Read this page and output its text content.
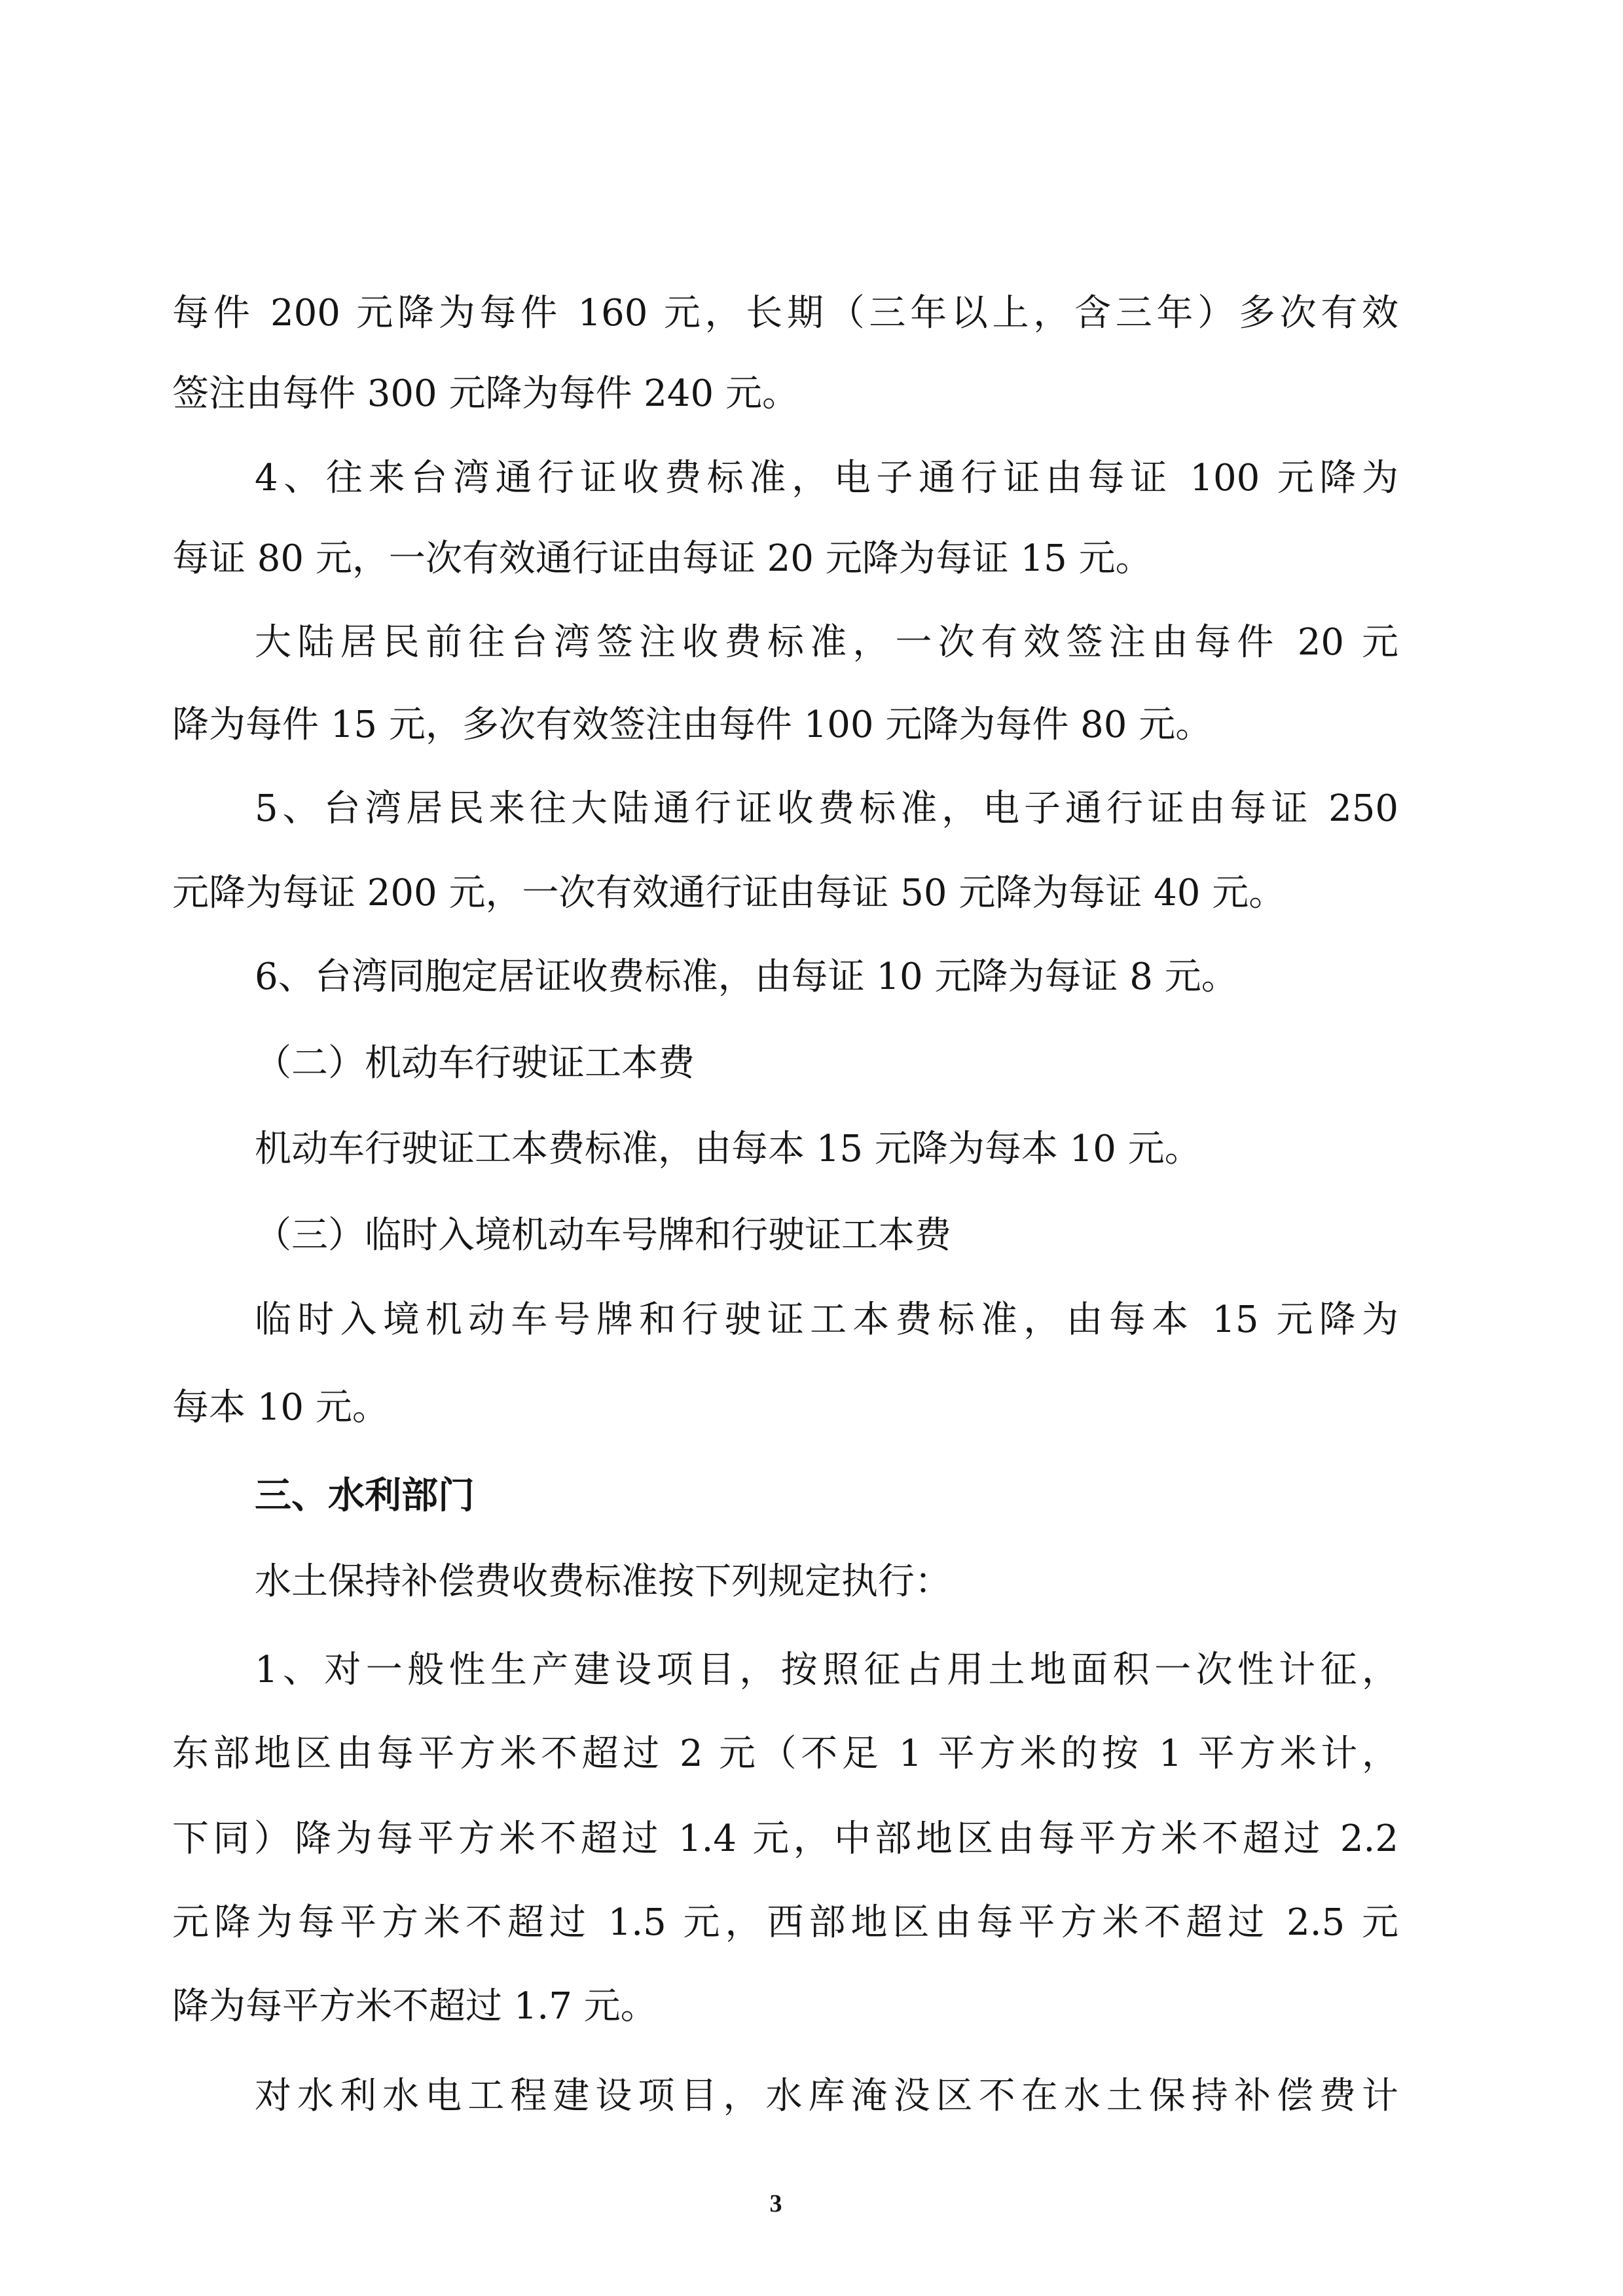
每件 200 元降为每件 160 元，长期（三年以上，含三年）多次有效
签注由每件 300 元降为每件 240 元。
4、往来台湾通行证收费标准，电子通行证由每证 100 元降为
每证 80 元，一次有效通行证由每证 20 元降为每证 15 元。
大陆居民前往台湾签注收费标准，一次有效签注由每件 20 元
降为每件 15 元，多次有效签注由每件 100 元降为每件 80 元。
5、台湾居民来往大陆通行证收费标准，电子通行证由每证 250
元降为每证 200 元，一次有效通行证由每证 50 元降为每证 40 元。
6、台湾同胞定居证收费标准，由每证 10 元降为每证 8 元。
（二）机动车行驶证工本费
机动车行驶证工本费标准，由每本 15 元降为每本 10 元。
（三）临时入境机动车号牌和行驶证工本费
临时入境机动车号牌和行驶证工本费标准，由每本 15 元降为
每本 10 元。
三、水利部门
水土保持补偿费收费标准按下列规定执行：
1、对一般性生产建设项目，按照征占用土地面积一次性计征，
东部地区由每平方米不超过 2 元（不足 1 平方米的按 1 平方米计，
下同）降为每平方米不超过 1.4 元，中部地区由每平方米不超过 2.2
元降为每平方米不超过 1.5 元，西部地区由每平方米不超过 2.5 元
降为每平方米不超过 1.7 元。
对水利水电工程建设项目，水库淹没区不在水土保持补偿费计
3
